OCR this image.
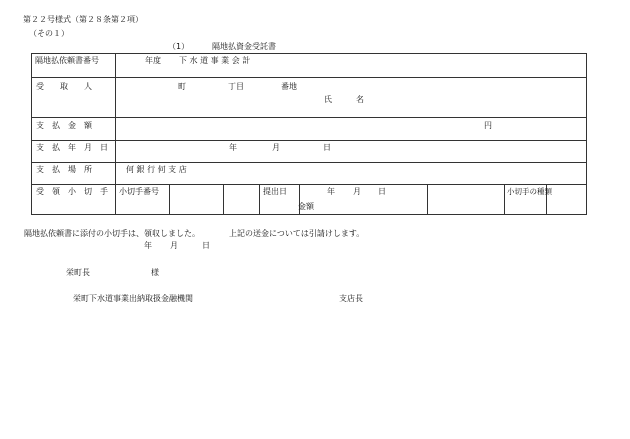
第２２号様式（第２８条第２項）
（その１）
（1）	隔地払資金受託書
隔地払依頼書番号	年度 下 水 道 事 業 会 計							

受　　取　　人	町 丁目 番地
氏　　　名							

支　払　金　額	円							

支　払　年　月　日	年 月 日							

支　払　場　所	何 銀 行 何 支 店							

受　領　小　切　手	小切手番号			提出日	年 月 日
金額		小切手の種類	

隔地払依頼書に添付の小切手は、領収しました。	上記の送金については引請けします。
年 月	日
栄町長	様
栄町下水道事業出納取扱金融機関	支店長
